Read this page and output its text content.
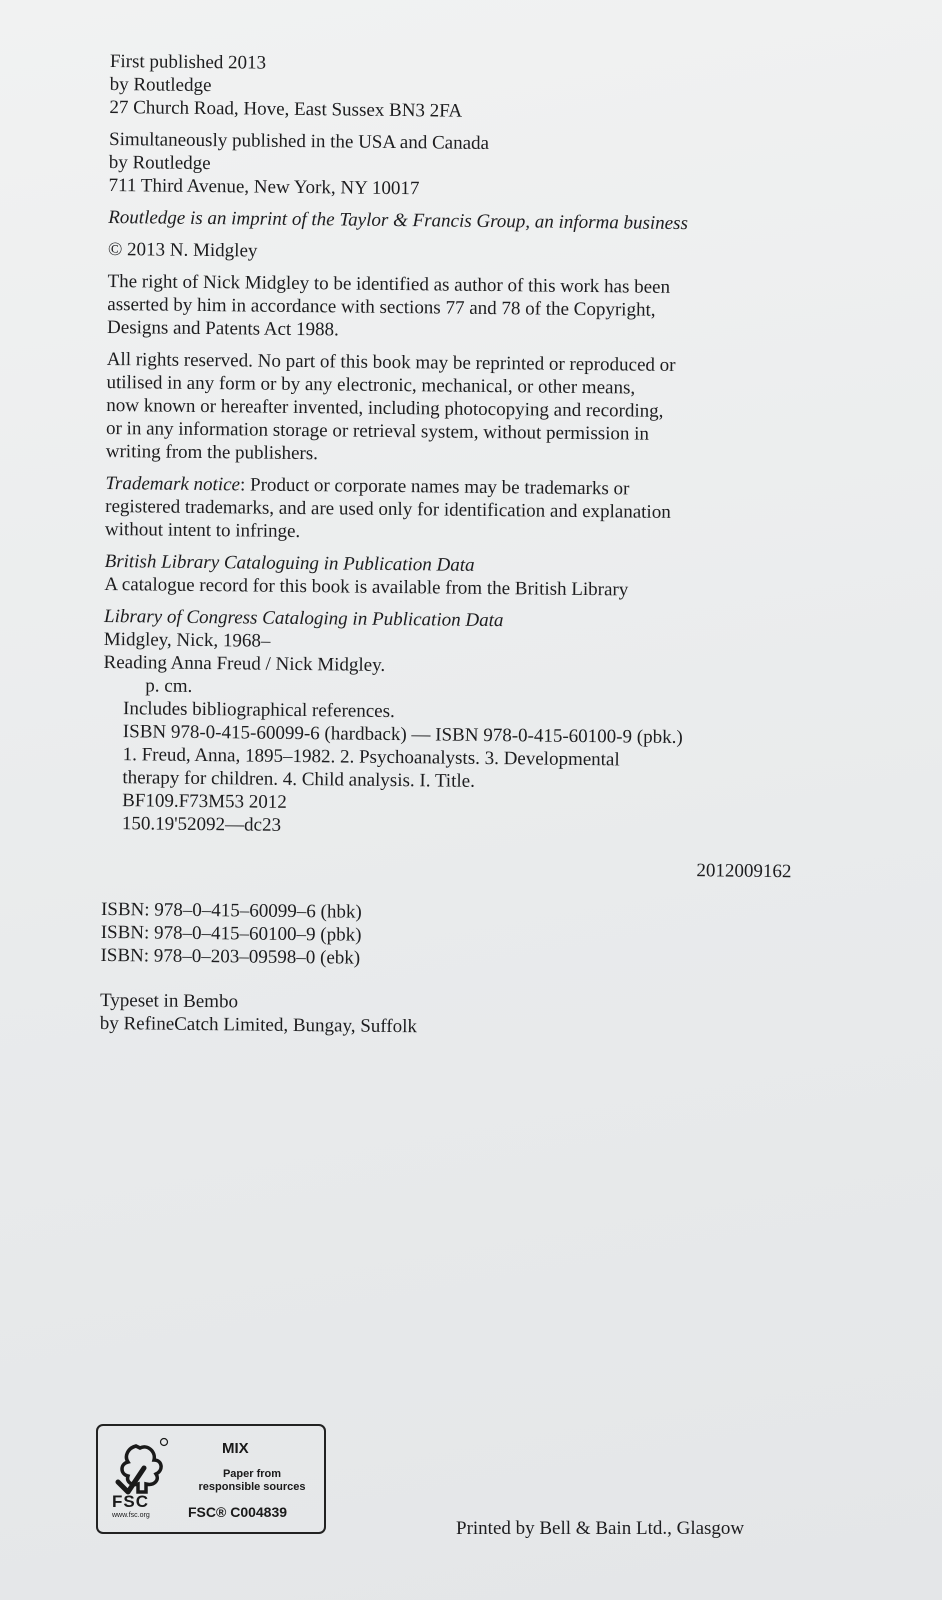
First published 2013
by Routledge
27 Church Road, Hove, East Sussex BN3 2FA
Simultaneously published in the USA and Canada
by Routledge
711 Third Avenue, New York, NY 10017
Routledge is an imprint of the Taylor & Francis Group, an informa business
© 2013 N. Midgley
The right of Nick Midgley to be identified as author of this work has been
asserted by him in accordance with sections 77 and 78 of the Copyright,
Designs and Patents Act 1988.
All rights reserved. No part of this book may be reprinted or reproduced or
utilised in any form or by any electronic, mechanical, or other means,
now known or hereafter invented, including photocopying and recording,
or in any information storage or retrieval system, without permission in
writing from the publishers.
Trademark notice: Product or corporate names may be trademarks or
registered trademarks, and are used only for identification and explanation
without intent to infringe.
British Library Cataloguing in Publication Data
A catalogue record for this book is available from the British Library
Library of Congress Cataloging in Publication Data
Midgley, Nick, 1968–
Reading Anna Freud / Nick Midgley.
p. cm.
Includes bibliographical references.
ISBN 978-0-415-60099-6 (hardback) — ISBN 978-0-415-60100-9 (pbk.)
1. Freud, Anna, 1895–1982. 2. Psychoanalysts. 3. Developmental
therapy for children. 4. Child analysis. I. Title.
BF109.F73M53 2012
150.19'52092—dc23
2012009162
ISBN: 978–0–415–60099–6 (hbk)
ISBN: 978–0–415–60100–9 (pbk)
ISBN: 978–0–203–09598–0 (ebk)
Typeset in Bembo
by RefineCatch Limited, Bungay, Suffolk
FSC
www.fsc.org
MIX
Paper from
responsible sources
FSC® C004839
Printed by Bell & Bain Ltd., Glasgow
